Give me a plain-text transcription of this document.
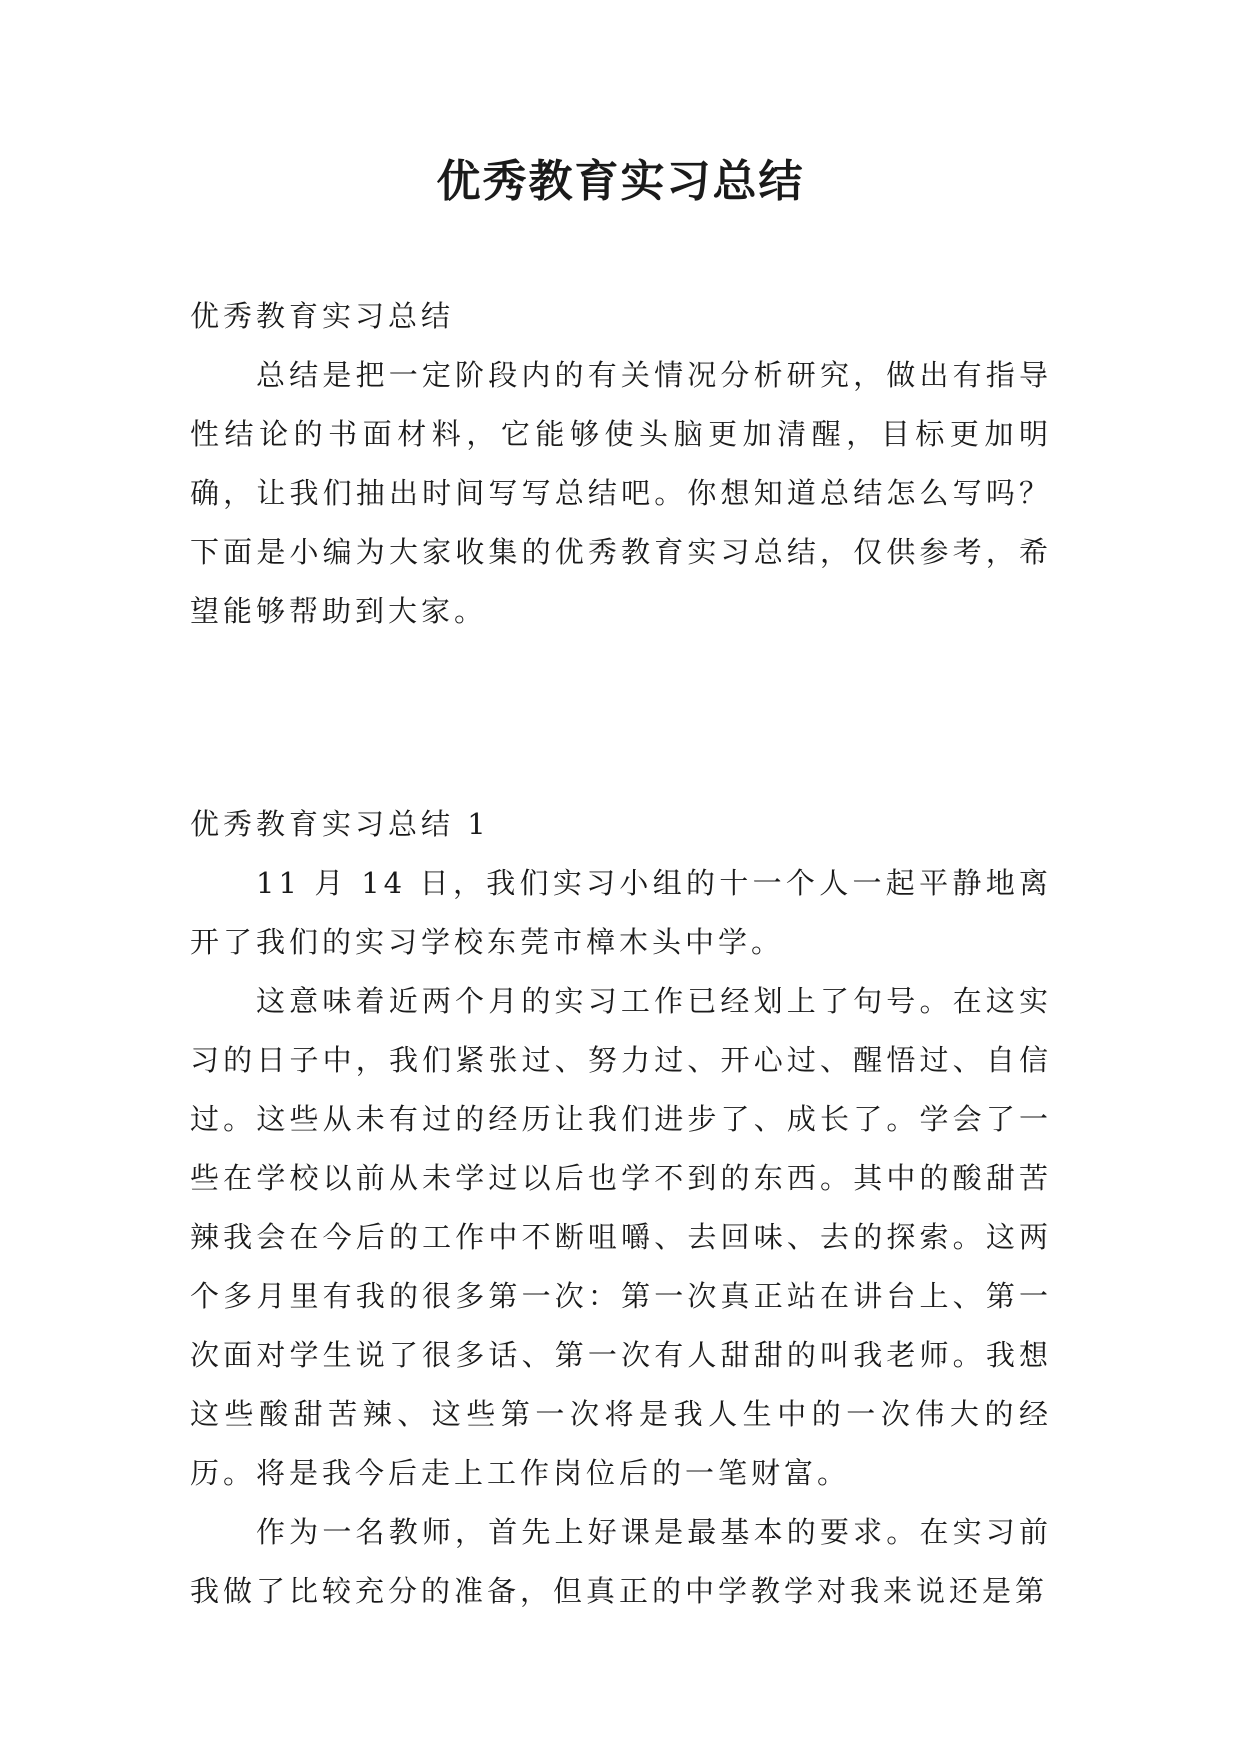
优秀教育实习总结

优秀教育实习总结

总结是把一定阶段内的有关情况分析研究，做出有指导性结论的书面材料，它能够使头脑更加清醒，目标更加明确，让我们抽出时间写写总结吧。你想知道总结怎么写吗？下面是小编为大家收集的优秀教育实习总结，仅供参考，希望能够帮助到大家。

优秀教育实习总结 1

11 月 14 日，我们实习小组的十一个人一起平静地离开了我们的实习学校东莞市樟木头中学。

这意味着近两个月的实习工作已经划上了句号。在这实习的日子中，我们紧张过、努力过、开心过、醒悟过、自信过。这些从未有过的经历让我们进步了、成长了。学会了一些在学校以前从未学过以后也学不到的东西。其中的酸甜苦辣我会在今后的工作中不断咀嚼、去回味、去的探索。这两个多月里有我的很多第一次：第一次真正站在讲台上、第一次面对学生说了很多话、第一次有人甜甜的叫我老师。我想这些酸甜苦辣、这些第一次将是我人生中的一次伟大的经历。将是我今后走上工作岗位后的一笔财富。

作为一名教师，首先上好课是最基本的要求。在实习前我做了比较充分的准备，但真正的中学教学对我来说还是第
